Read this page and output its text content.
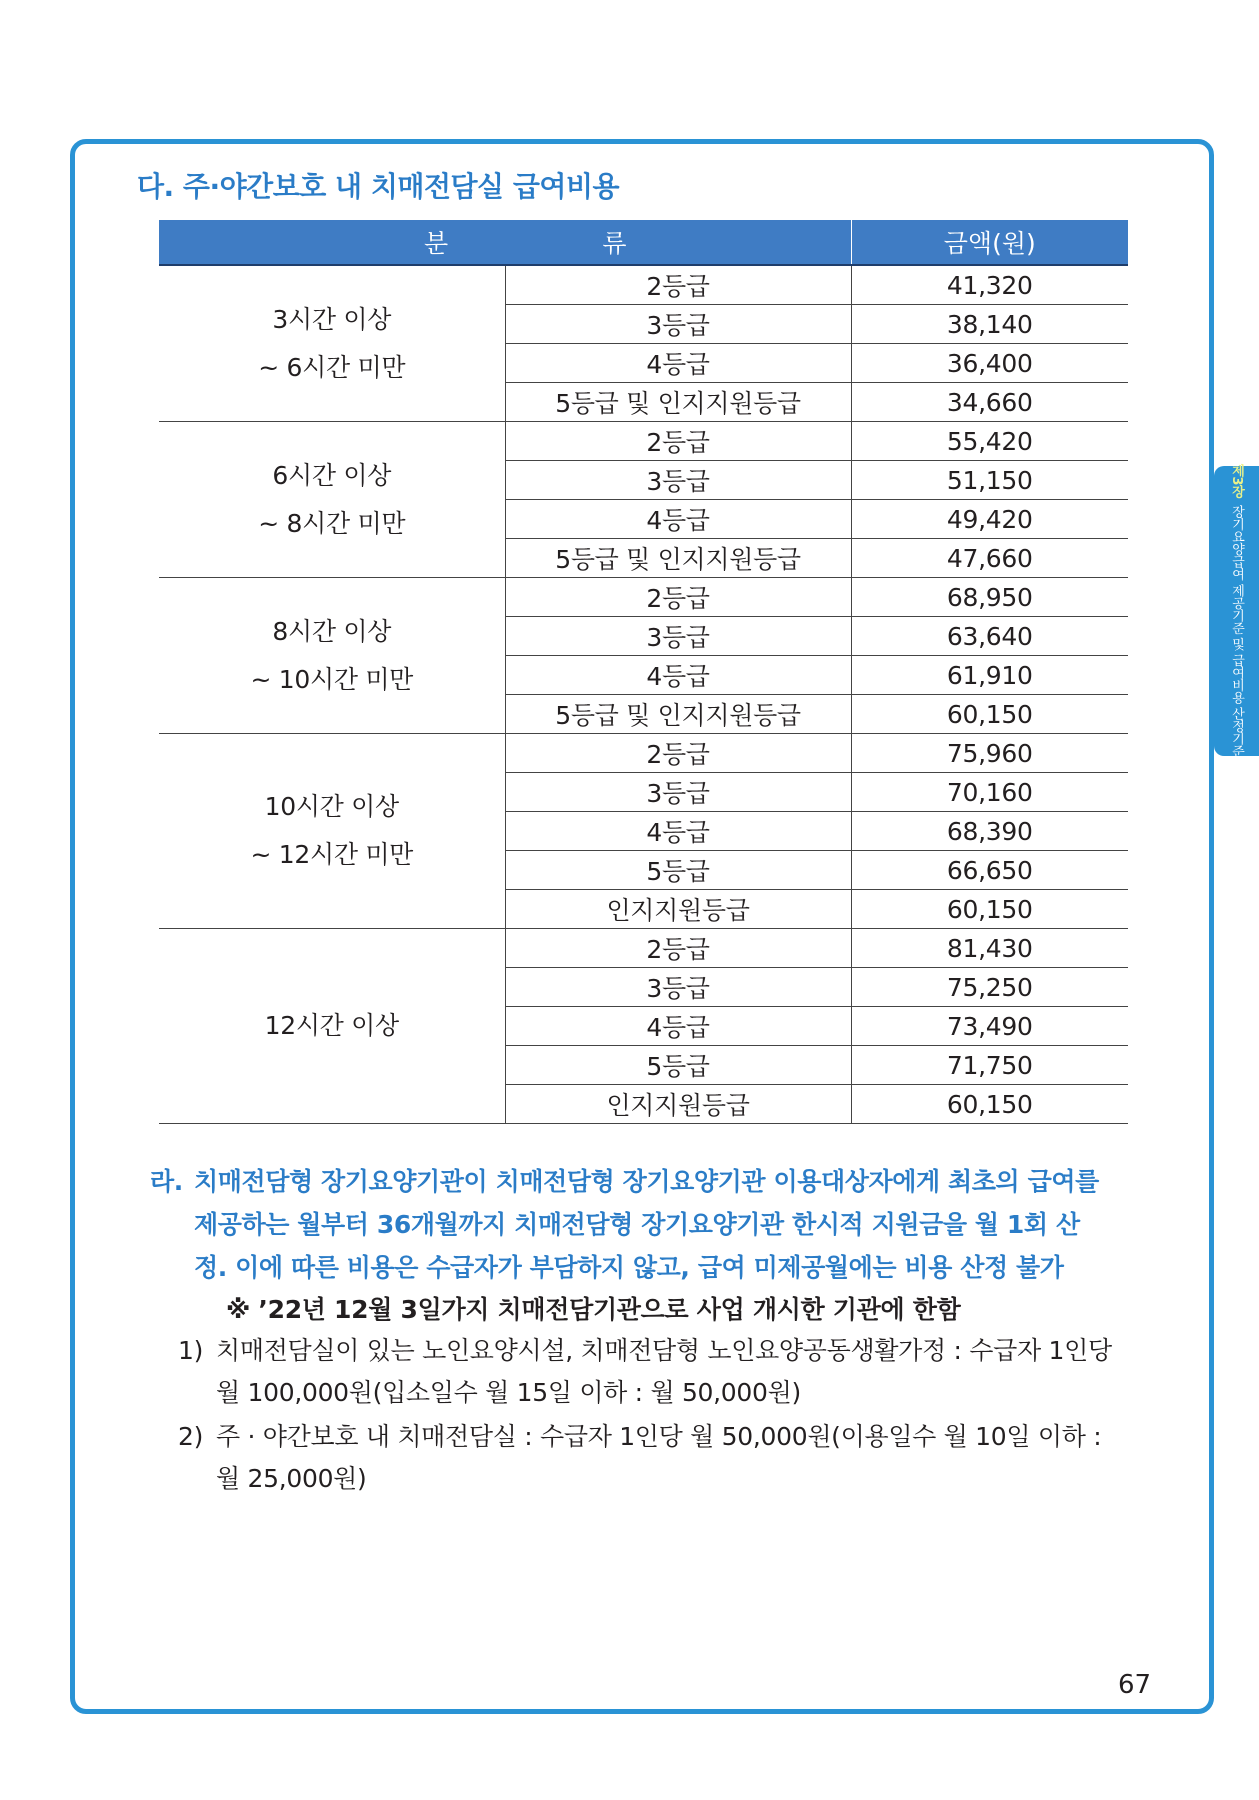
제3장 장기요양급여 제공기준 및 급여비용 산정기준
다. 주·야간보호 내 치매전담실 급여비용
분 류		금액(원)

3시간 이상
~ 6시간 미만	2등급	41,320
	3등급	38,140
	4등급	36,400
	5등급 및 인지지원등급	34,660

6시간 이상
~ 8시간 미만	2등급	55,420
	3등급	51,150
	4등급	49,420
	5등급 및 인지지원등급	47,660

8시간 이상
~ 10시간 미만	2등급	68,950
	3등급	63,640
	4등급	61,910
	5등급 및 인지지원등급	60,150

10시간 이상
~ 12시간 미만	2등급	75,960
	3등급	70,160
	4등급	68,390
	5등급	66,650
	인지지원등급	60,150

12시간 이상	2등급	81,430
	3등급	75,250
	4등급	73,490
	5등급	71,750
	인지지원등급	60,150
라. 치매전담형 장기요양기관이 치매전담형 장기요양기관 이용대상자에게 최초의 급여를
제공하는 월부터 36개월까지 치매전담형 장기요양기관 한시적 지원금을 월 1회 산
정. 이에 따른 비용은 수급자가 부담하지 않고, 급여 미제공월에는 비용 산정 불가

※ ’22년 12월 3일가지 치매전담기관으로 사업 개시한 기관에 한함

1) 치매전담실이 있는 노인요양시설, 치매전담형 노인요양공동생활가정 : 수급자 1인당
월 100,000원(입소일수 월 15일 이하 : 월 50,000원)
2) 주 · 야간보호 내 치매전담실 : 수급자 1인당 월 50,000원(이용일수 월 10일 이하 :
월 25,000원)
67
